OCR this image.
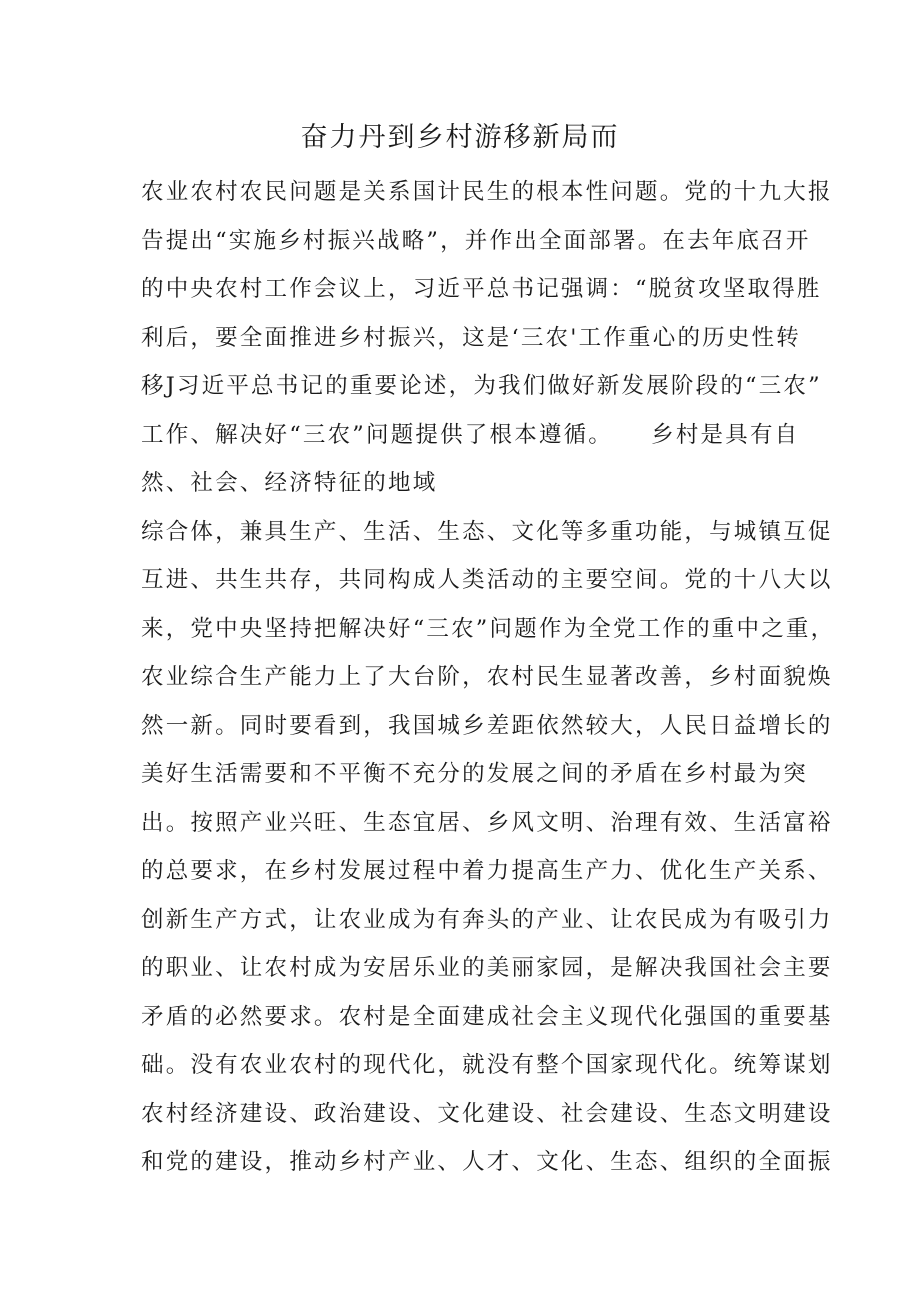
奋力丹到乡村游移新局而
农业农村农民问题是关系国计民生的根本性问题。党的十九大报
告提出“实施乡村振兴战略”，并作出全面部署。在去年底召开
的中央农村工作会议上，习近平总书记强调：“脱贫攻坚取得胜
利后，要全面推进乡村振兴，这是‘三农'工作重心的历史性转
移J习近平总书记的重要论述，为我们做好新发展阶段的“三农”
工作、解决好“三农”问题提供了根本遵循。　　乡村是具有自
然、社会、经济特征的地域
综合体，兼具生产、生活、生态、文化等多重功能，与城镇互促
互进、共生共存，共同构成人类活动的主要空间。党的十八大以
来，党中央坚持把解决好“三农”问题作为全党工作的重中之重，
农业综合生产能力上了大台阶，农村民生显著改善，乡村面貌焕
然一新。同时要看到，我国城乡差距依然较大，人民日益增长的
美好生活需要和不平衡不充分的发展之间的矛盾在乡村最为突
出。按照产业兴旺、生态宜居、乡风文明、治理有效、生活富裕
的总要求，在乡村发展过程中着力提高生产力、优化生产关系、
创新生产方式，让农业成为有奔头的产业、让农民成为有吸引力
的职业、让农村成为安居乐业的美丽家园，是解决我国社会主要
矛盾的必然要求。农村是全面建成社会主义现代化强国的重要基
础。没有农业农村的现代化，就没有整个国家现代化。统筹谋划
农村经济建设、政治建设、文化建设、社会建设、生态文明建设
和党的建设，推动乡村产业、人才、文化、生态、组织的全面振
